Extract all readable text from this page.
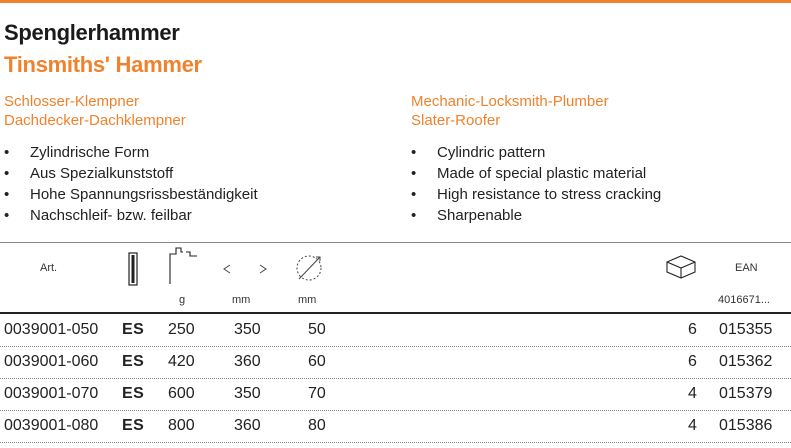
Spenglerhammer
Tinsmiths' Hammer
Schlosser-Klempner
Dachdecker-Dachklempner
• Zylindrische Form
• Aus Spezialkunststoff
• Hohe Spannungsrissbeständigkeit
• Nachschleif- bzw. feilbar
Mechanic-Locksmith-Plumber
Slater-Roofer
• Cylindric pattern
• Made of special plastic material
• High resistance to stress cracking
• Sharpenable
Art.	EAN
g	mm	mm	4016671...
0039001-050 ES 250 350	50	6 015355
0039001-060 ES 420 360	60	6 015362
0039001-070 ES 600 350	70	4 015379
0039001-080 ES 800 360	80	4 015386
